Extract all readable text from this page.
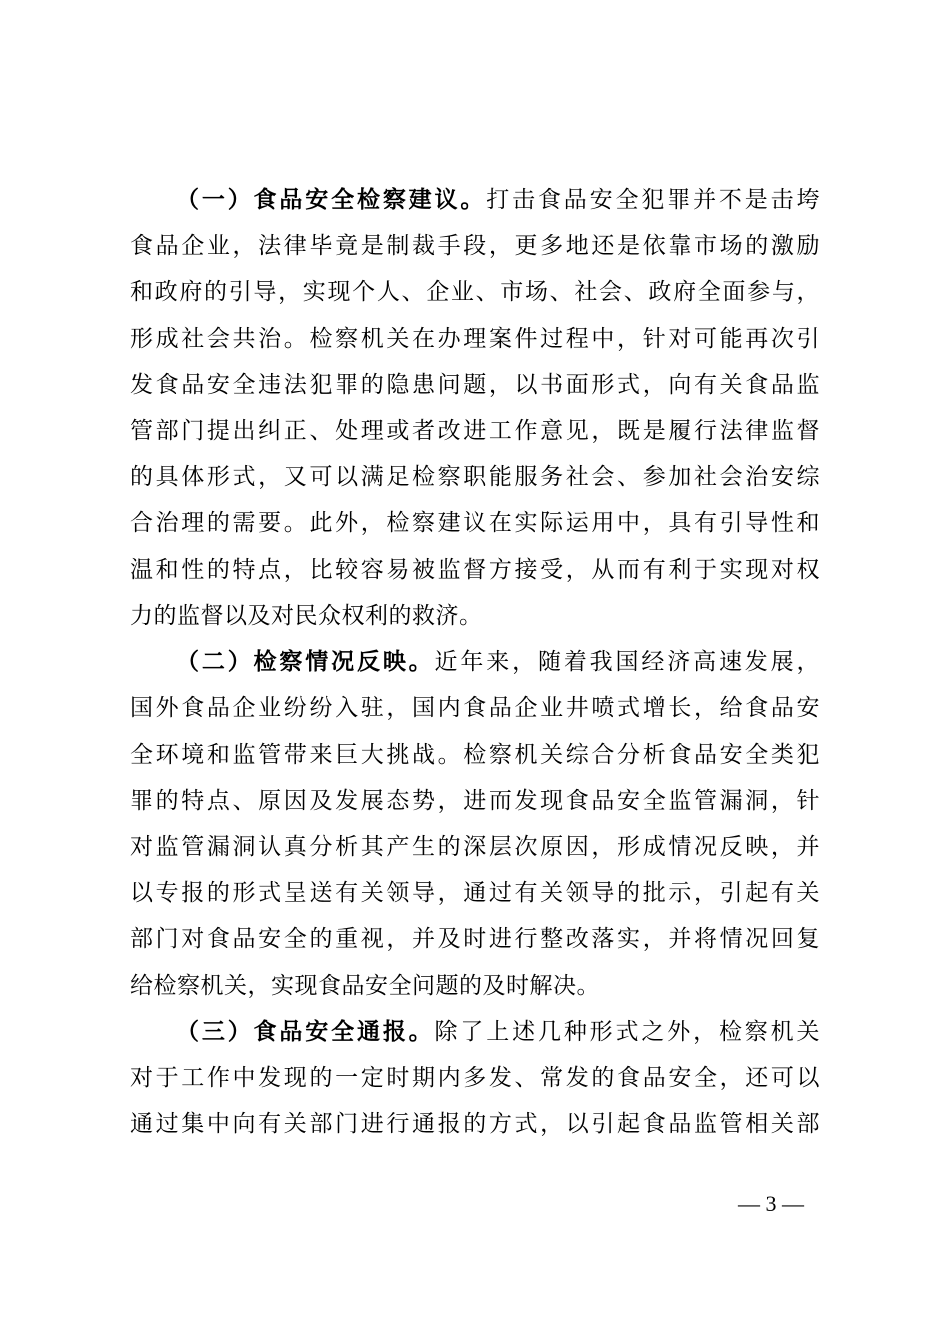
（一）食品安全检察建议。打击食品安全犯罪并不是击垮
食品企业，法律毕竟是制裁手段，更多地还是依靠市场的激励
和政府的引导，实现个人、企业、市场、社会、政府全面参与，
形成社会共治。检察机关在办理案件过程中，针对可能再次引
发食品安全违法犯罪的隐患问题，以书面形式，向有关食品监
管部门提出纠正、处理或者改进工作意见，既是履行法律监督
的具体形式，又可以满足检察职能服务社会、参加社会治安综
合治理的需要。此外，检察建议在实际运用中，具有引导性和
温和性的特点，比较容易被监督方接受，从而有利于实现对权
力的监督以及对民众权利的救济。
（二）检察情况反映。近年来，随着我国经济高速发展，
国外食品企业纷纷入驻，国内食品企业井喷式增长，给食品安
全环境和监管带来巨大挑战。检察机关综合分析食品安全类犯
罪的特点、原因及发展态势，进而发现食品安全监管漏洞，针
对监管漏洞认真分析其产生的深层次原因，形成情况反映，并
以专报的形式呈送有关领导，通过有关领导的批示，引起有关
部门对食品安全的重视，并及时进行整改落实，并将情况回复
给检察机关，实现食品安全问题的及时解决。
（三）食品安全通报。除了上述几种形式之外，检察机关
对于工作中发现的一定时期内多发、常发的食品安全，还可以
通过集中向有关部门进行通报的方式，以引起食品监管相关部
— 3 —
